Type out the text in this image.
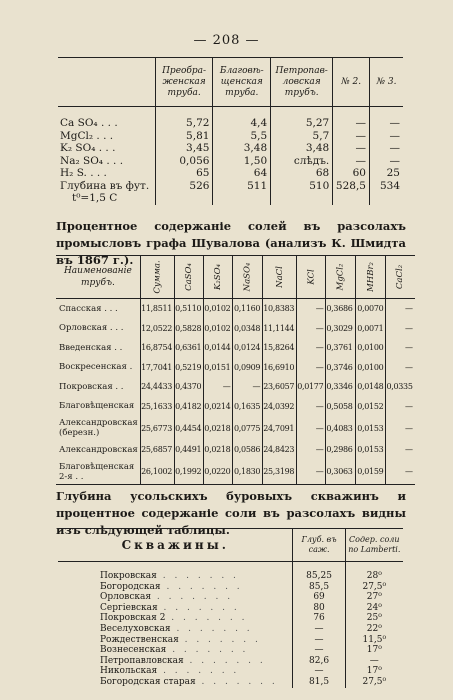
— 208 —
	Преобра-женская труба.	Благовѣ-щенская труба.	Петропав-ловская трубъ.	№ 2.	№ 3.

Ca SO₄ . . .	5,72	4,4	5,27	—	—
MgCl₂ . . .	5,81	5,5	5,7	—	—
K₂ SO₄ . . .	3,45	3,48	3,48	—	—
Na₂ SO₄ . . .	0,056	1,50	слѣдъ.	—	—
H₂ S. . . .	65	64	68	60	25
Глубина въ фут.	526	511	510	528,5	534
t⁰=1,5 C					
Процентное содержаніе солей въ разсолахъ промысловъ графа Шувалова (анализъ К. Шмидта въ 1867 г.).
Наименованіе трубъ.	Сумма.	CaSO₄	K₂SO₄	NaSO₄	NaCl	KCl	MgCl₂	MHBr₂	CaCl₂
Спасская . . .	11,8511	0,5110	0,0102	0,1160	10,8383	—	0,3686	0,0070	—
Орловская . . .	12,0522	0,5828	0,0102	0,0348	11,1144	—	0,3029	0,0071	—
Введенская . .	16,8754	0,6361	0,0144	0,0124	15,8264	—	0,3761	0,0100	—
Воскресенская .	17,7041	0,5219	0,0151	0,0909	16,6910	—	0,3746	0,0100	—
Покровская . .	24,4433	0,4370	—	—	23,6057	0,0177	0,3346	0,0148	0,0335
Благовѣщенская	25,1633	0,4182	0,0214	0,1635	24,0392	—	0,5058	0,0152	—
Александровская (березн.)	25,6773	0,4454	0,0218	0,0775	24,7091	—	0,4083	0,0153	—
Александровская	25,6857	0,4491	0,0218	0,0586	24,8423	—	0,2986	0,0153	—
Благовѣщенская 2-я . .	26,1002	0,1992	0,0220	0,1830	25,3198	—	0,3063	0,0159	—
Глубина усольскихъ буровыхъ скважинъ и процентное содержаніе соли въ разсолахъ видны изъ слѣдующей таблицы.
Скважины.	Глуб. въ саж.	Содер. соли по Lamberti.

Покровская . . . . . . .	85,25	28⁰
Богородская . . . . . . .	85,5	27,5⁰
Орловская . . . . . . .	69	27⁰
Сергіевская . . . . . . .	80	24⁰
Покровская 2 . . . . . . .	76	25⁰
Веселуховская . . . . . . .	—	22⁰
Рождественская . . . . . . .	—	11,5⁰
Вознесенская . . . . . . .	—	17⁰
Петропавловская . . . . . . .	82,6	—
Никольская . . . . . . .	—	17⁰
Богородская старая . . . . . . .	81,5	27,5⁰
